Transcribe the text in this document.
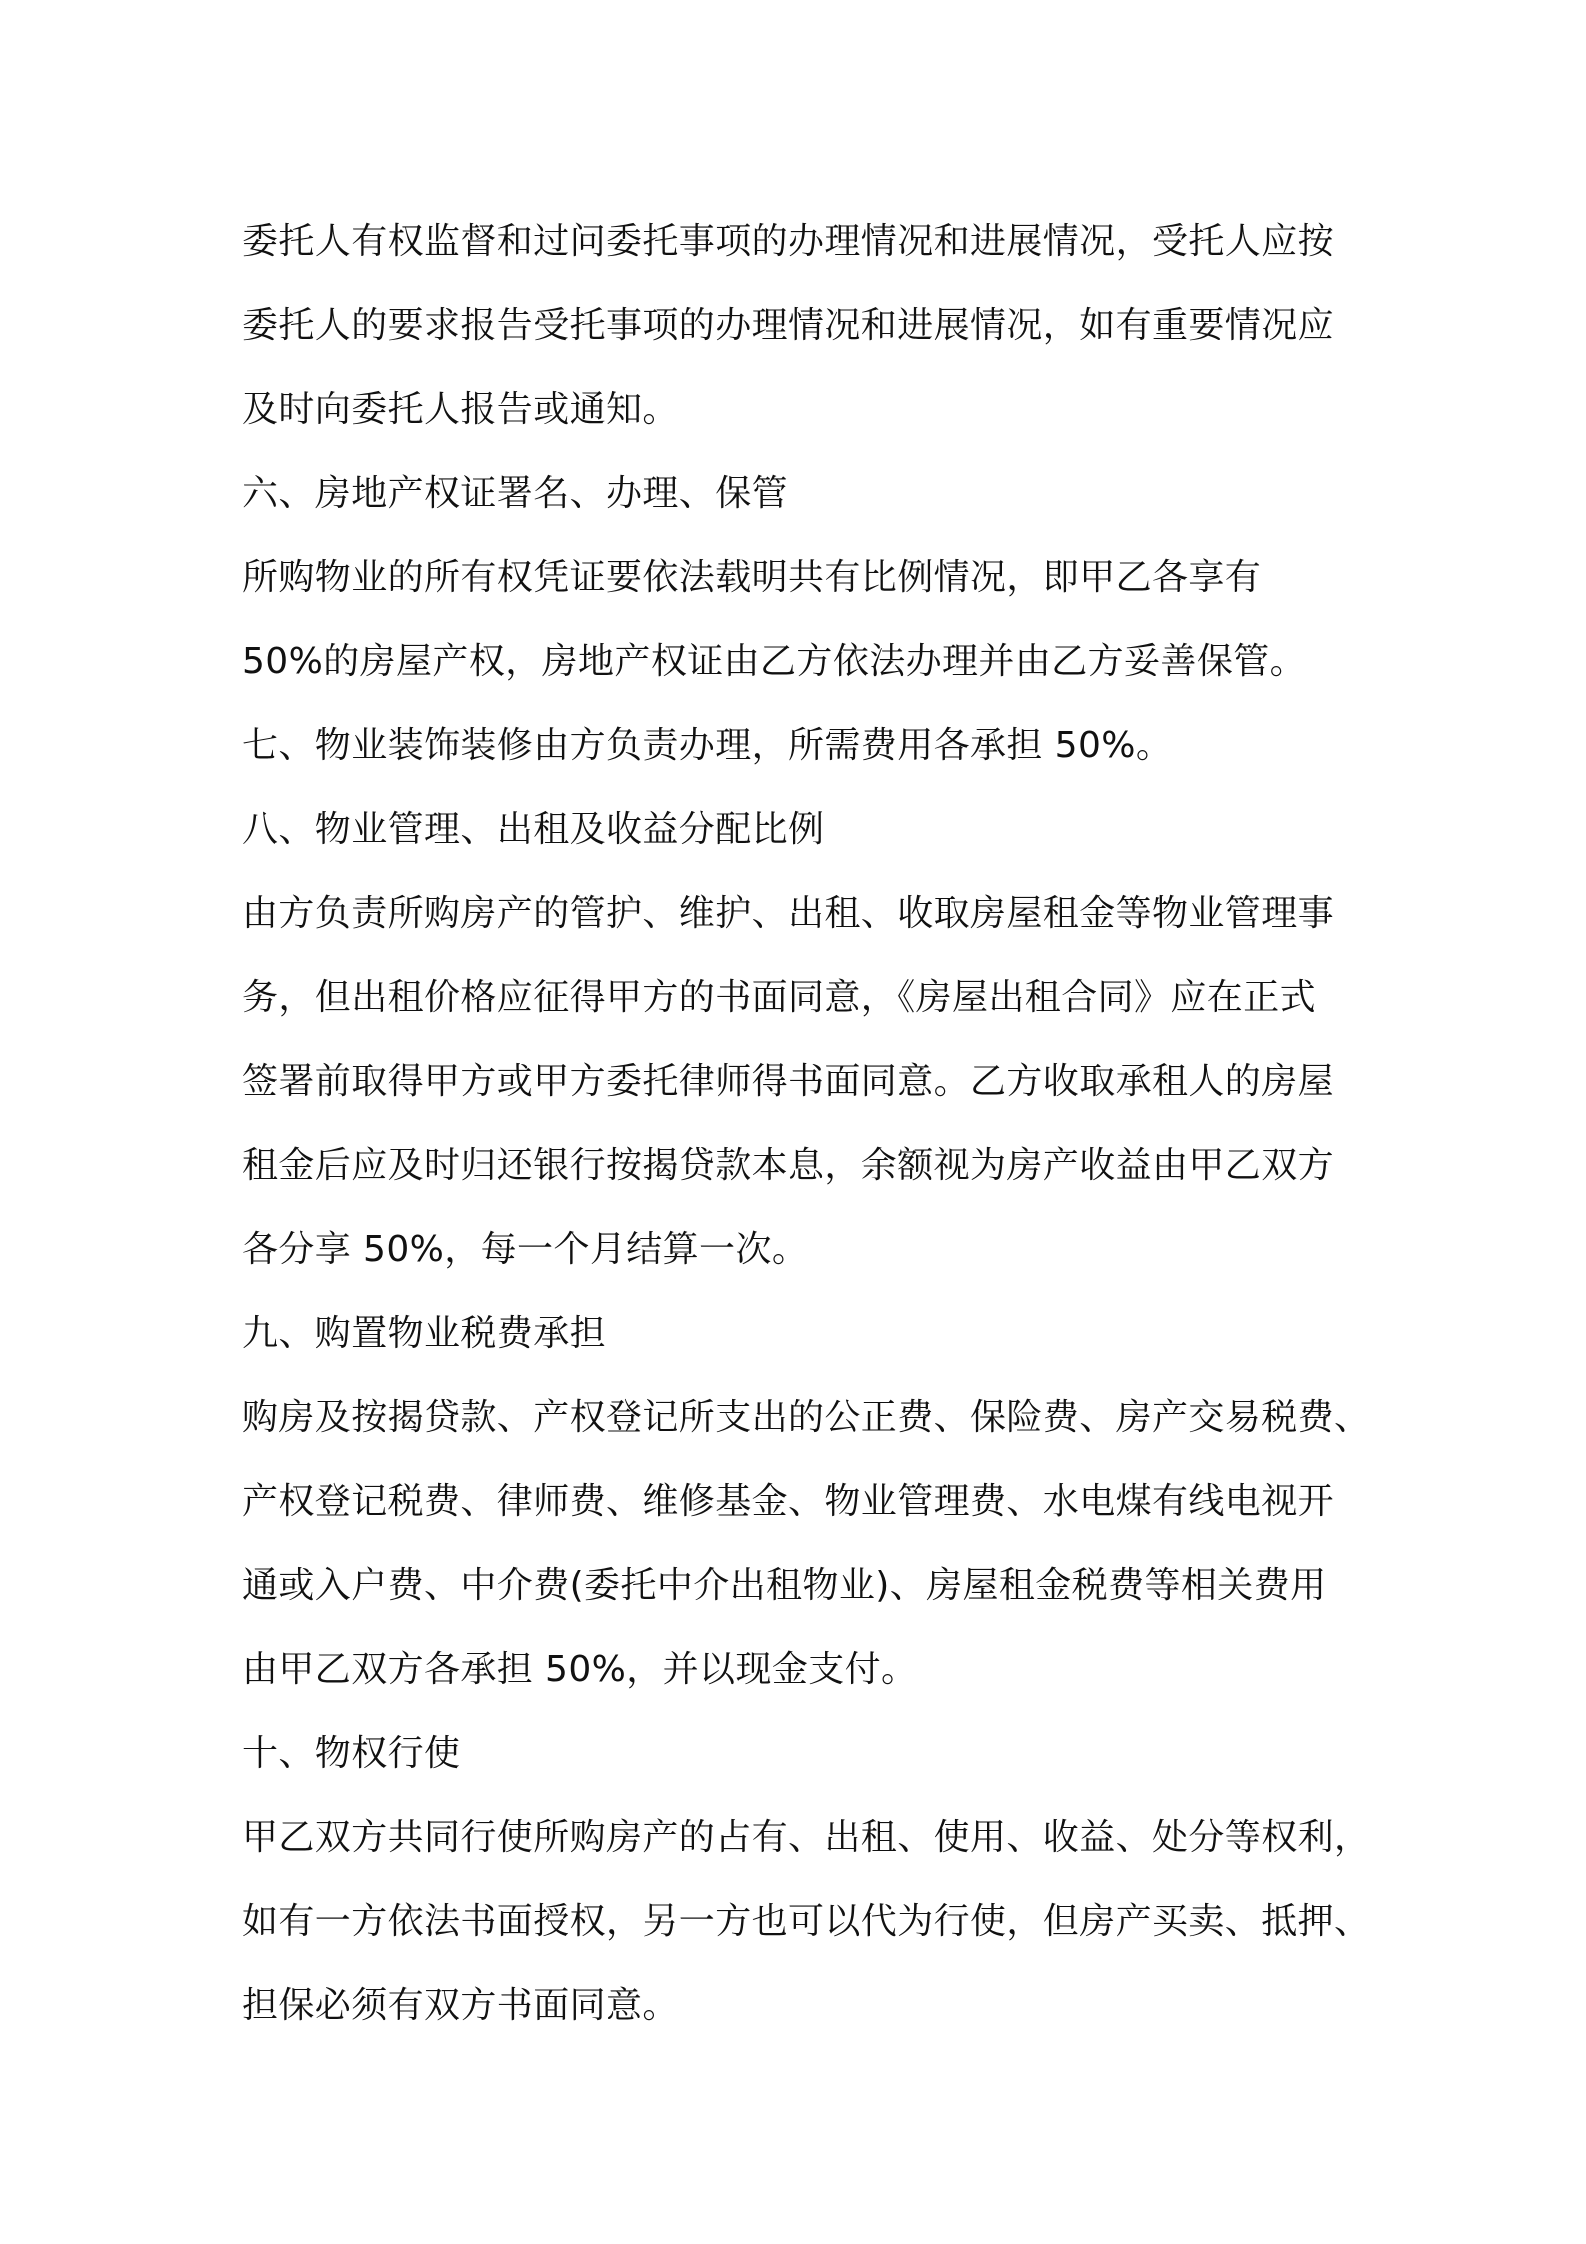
委托人有权监督和过问委托事项的办理情况和进展情况，受托人应按
委托人的要求报告受托事项的办理情况和进展情况，如有重要情况应
及时向委托人报告或通知。
六、房地产权证署名、办理、保管
所购物业的所有权凭证要依法载明共有比例情况，即甲乙各享有
50%的房屋产权，房地产权证由乙方依法办理并由乙方妥善保管。
七、物业装饰装修由方负责办理，所需费用各承担 50%。
八、物业管理、出租及收益分配比例
由方负责所购房产的管护、维护、出租、收取房屋租金等物业管理事
务，但出租价格应征得甲方的书面同意，《房屋出租合同》应在正式
签署前取得甲方或甲方委托律师得书面同意。乙方收取承租人的房屋
租金后应及时归还银行按揭贷款本息，余额视为房产收益由甲乙双方
各分享 50%，每一个月结算一次。
九、购置物业税费承担
购房及按揭贷款、产权登记所支出的公正费、保险费、房产交易税费、
产权登记税费、律师费、维修基金、物业管理费、水电煤有线电视开
通或入户费、中介费(委托中介出租物业)、房屋租金税费等相关费用
由甲乙双方各承担 50%，并以现金支付。
十、物权行使
甲乙双方共同行使所购房产的占有、出租、使用、收益、处分等权利，
如有一方依法书面授权，另一方也可以代为行使，但房产买卖、抵押、
担保必须有双方书面同意。
